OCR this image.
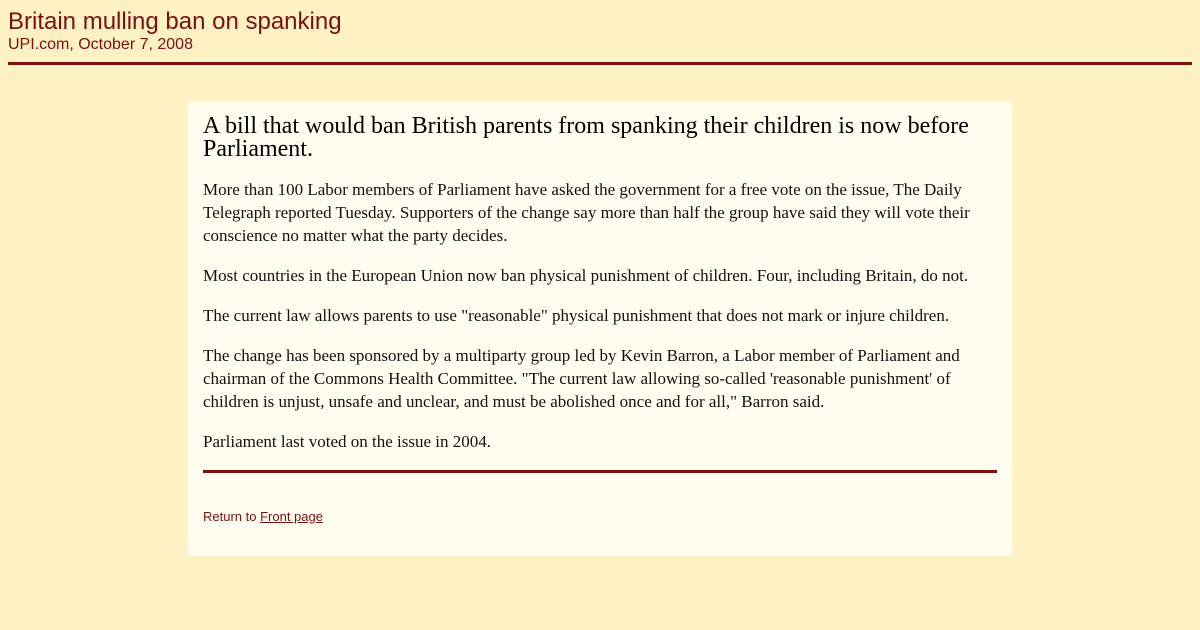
Britain mulling ban on spanking

UPI.com, October 7, 2008

A bill that would ban British parents from spanking their children is now before Parliament.

More than 100 Labor members of Parliament have asked the government for a free vote on the issue, The Daily Telegraph reported Tuesday. Supporters of the change say more than half the group have said they will vote their conscience no matter what the party decides.

Most countries in the European Union now ban physical punishment of children. Four, including Britain, do not.

The current law allows parents to use "reasonable" physical punishment that does not mark or injure children.

The change has been sponsored by a multiparty group led by Kevin Barron, a Labor member of Parliament and chairman of the Commons Health Committee. "The current law allowing so-called 'reasonable punishment' of children is unjust, unsafe and unclear, and must be abolished once and for all," Barron said.

Parliament last voted on the issue in 2004.

Return to Front page
